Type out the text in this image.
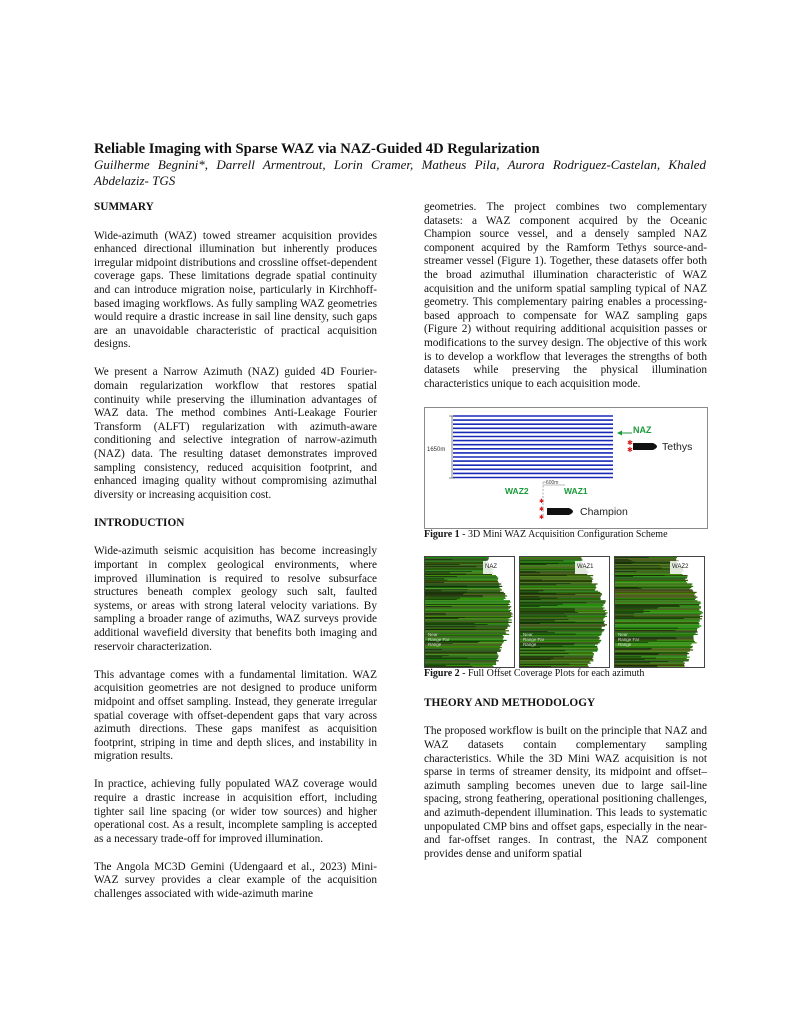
Reliable Imaging with Sparse WAZ via NAZ-Guided 4D Regularization
Guilherme Begnini*, Darrell Armentrout, Lorin Cramer, Matheus Pila, Aurora Rodriguez-Castelan, Khaled Abdelaziz- TGS
SUMMARY

Wide-azimuth (WAZ) towed streamer acquisition provides enhanced directional illumination but inherently produces irregular midpoint distributions and crossline offset-dependent coverage gaps. These limitations degrade spatial continuity and can introduce migration noise, particularly in Kirchhoff-based imaging workflows. As fully sampling WAZ geometries would require a drastic increase in sail line density, such gaps are an unavoidable characteristic of practical acquisition designs.

We present a Narrow Azimuth (NAZ) guided 4D Fourier-domain regularization workflow that restores spatial continuity while preserving the illumination advantages of WAZ data. The method combines Anti-Leakage Fourier Transform (ALFT) regularization with azimuth-aware conditioning and selective integration of narrow-azimuth (NAZ) data. The resulting dataset demonstrates improved sampling consistency, reduced acquisition footprint, and enhanced imaging quality without compromising azimuthal diversity or increasing acquisition cost.

INTRODUCTION

Wide-azimuth seismic acquisition has become increasingly important in complex geological environments, where improved illumination is required to resolve subsurface structures beneath complex geology such salt, faulted systems, or areas with strong lateral velocity variations. By sampling a broader range of azimuths, WAZ surveys provide additional wavefield diversity that benefits both imaging and reservoir characterization.

This advantage comes with a fundamental limitation. WAZ acquisition geometries are not designed to produce uniform midpoint and offset sampling. Instead, they generate irregular spatial coverage with offset-dependent gaps that vary across azimuth directions. These gaps manifest as acquisition footprint, striping in time and depth slices, and instability in migration results.

In practice, achieving fully populated WAZ coverage would require a drastic increase in acquisition effort, including tighter sail line spacing (or wider tow sources) and higher operational cost. As a result, incomplete sampling is accepted as a necessary trade-off for improved illumination.

The Angola MC3D Gemini (Udengaard et al., 2023) Mini-WAZ survey provides a clear example of the acquisition challenges associated with wide-azimuth marine

geometries. The project combines two complementary datasets: a WAZ component acquired by the Oceanic Champion source vessel, and a densely sampled NAZ component acquired by the Ramform Tethys source-and-streamer vessel (Figure 1). Together, these datasets offer both the broad azimuthal illumination characteristic of WAZ acquisition and the uniform spatial sampling typical of NAZ geometry. This complementary pairing enables a processing-based approach to compensate for WAZ sampling gaps (Figure 2) without requiring additional acquisition passes or modifications to the survey design. The objective of this work is to develop a workflow that leverages the strengths of both datasets while preserving the physical illumination characteristics unique to each acquisition mode.

1650m
NAZ
✱
✱	Tethys
~600m
WAZ2	WAZ1
✱
✱
✱	Champion

Figure 1 - 3D Mini WAZ Acquisition Configuration Scheme

NAZ
Near
Range Far
Range
WAZ1
Near
Range Far
Range
WAZ2
Near
Range Far
Range

Figure 2 - Full Offset Coverage Plots for each azimuth

THEORY AND METHODOLOGY

The proposed workflow is built on the principle that NAZ and WAZ datasets contain complementary sampling characteristics. While the 3D Mini WAZ acquisition is not sparse in terms of streamer density, its midpoint and offset–azimuth sampling becomes uneven due to large sail-line spacing, strong feathering, operational positioning challenges, and azimuth-dependent illumination. This leads to systematic unpopulated CMP bins and offset gaps, especially in the near- and far-offset ranges. In contrast, the NAZ component provides dense and uniform spatial
